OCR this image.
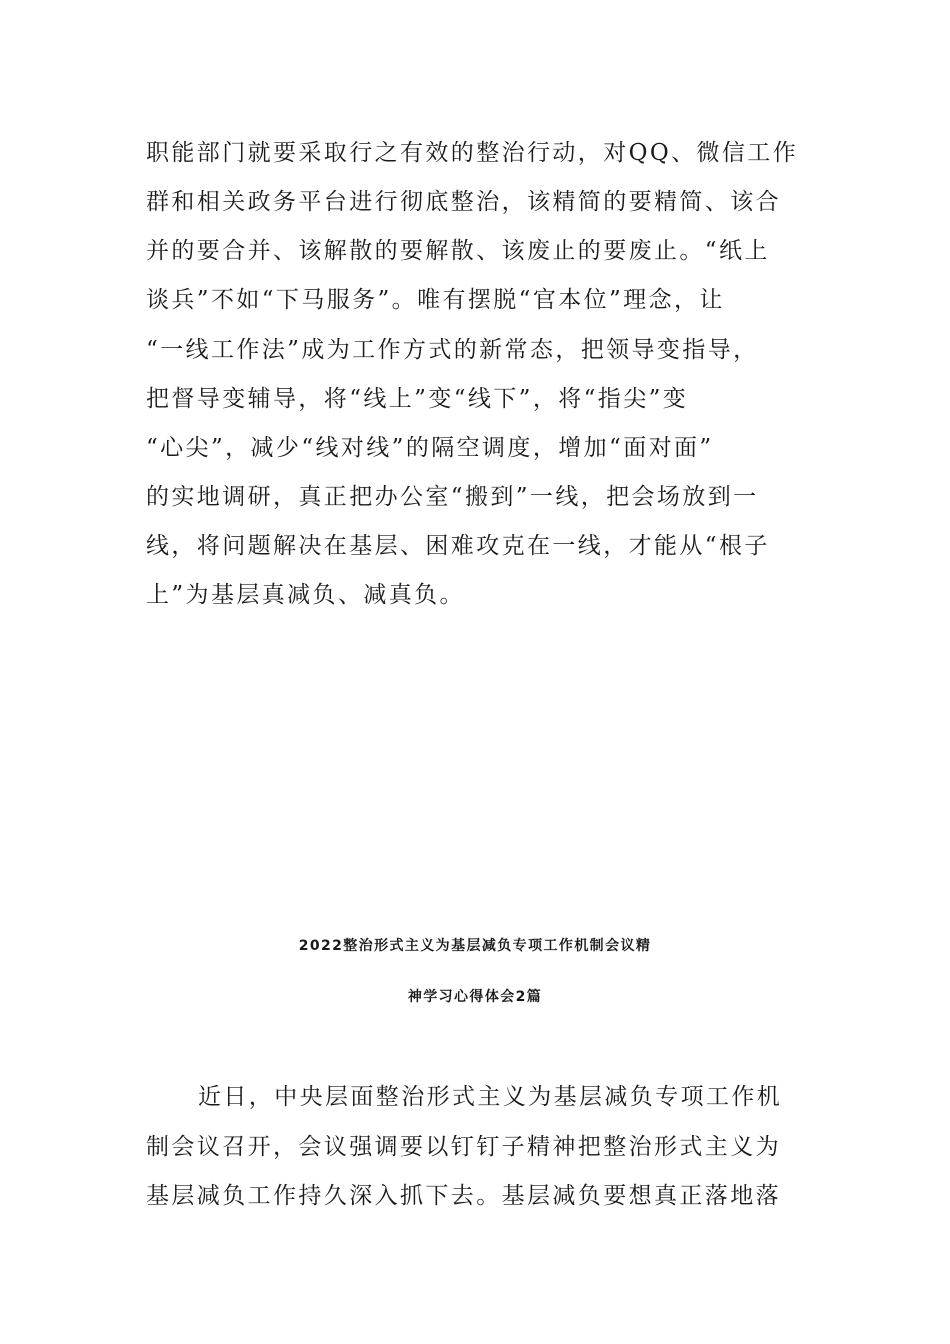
职能部门就要采取行之有效的整治行动，对QQ、微信工作
群和相关政务平台进行彻底整治，该精简的要精简、该合
并的要合并、该解散的要解散、该废止的要废止。“纸上
谈兵”不如“下马服务”。唯有摆脱“官本位”理念，让
“一线工作法”成为工作方式的新常态，把领导变指导，
把督导变辅导，将“线上”变“线下”，将“指尖”变
“心尖”，减少“线对线”的隔空调度，增加“面对面”
的实地调研，真正把办公室“搬到”一线，把会场放到一
线，将问题解决在基层、困难攻克在一线，才能从“根子
上”为基层真减负、减真负。
2022整治形式主义为基层减负专项工作机制会议精
神学习心得体会2篇
近日，中央层面整治形式主义为基层减负专项工作机
制会议召开，会议强调要以钉钉子精神把整治形式主义为
基层减负工作持久深入抓下去。基层减负要想真正落地落
